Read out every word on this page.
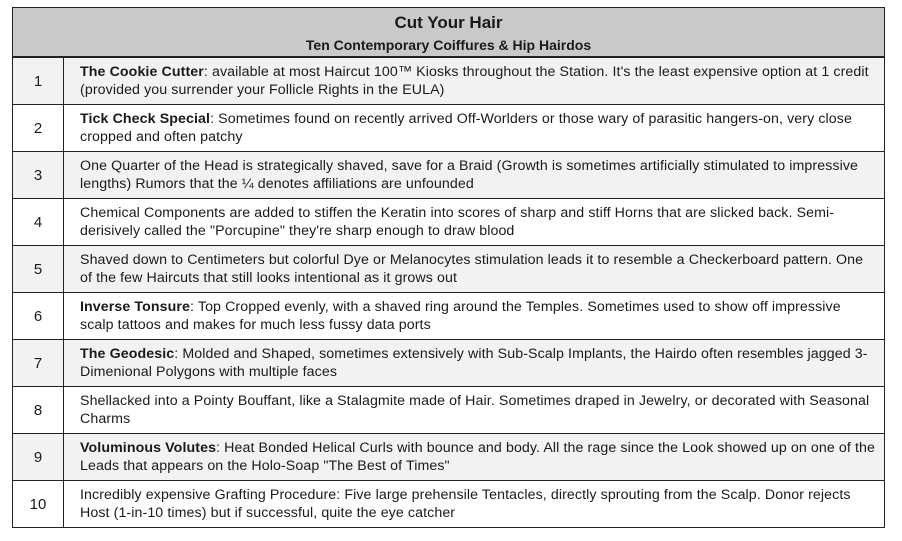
Cut Your Hair
Ten Contemporary Coiffures & Hip Hairdos
1
The Cookie Cutter: available at most Haircut 100™ Kiosks throughout the Station. It's the least expensive option at 1 credit (provided you surrender your Follicle Rights in the EULA)
2
Tick Check Special: Sometimes found on recently arrived Off-Worlders or those wary of parasitic hangers-on, very close cropped and often patchy
3
One Quarter of the Head is strategically shaved, save for a Braid (Growth is sometimes artificially stimulated to impressive lengths) Rumors that the ¼ denotes affiliations are unfounded
4
Chemical Components are added to stiffen the Keratin into scores of sharp and stiff Horns that are slicked back. Semi-derisively called the "Porcupine" they're sharp enough to draw blood
5
Shaved down to Centimeters but colorful Dye or Melanocytes stimulation leads it to resemble a Checkerboard pattern. One of the few Haircuts that still looks intentional as it grows out
6
Inverse Tonsure: Top Cropped evenly, with a shaved ring around the Temples. Sometimes used to show off impressive scalp tattoos and makes for much less fussy data ports
7
The Geodesic: Molded and Shaped, sometimes extensively with Sub-Scalp Implants, the Hairdo often resembles jagged 3-Dimenional Polygons with multiple faces
8
Shellacked into a Pointy Bouffant, like a Stalagmite made of Hair. Sometimes draped in Jewelry, or decorated with Seasonal Charms
9
Voluminous Volutes: Heat Bonded Helical Curls with bounce and body. All the rage since the Look showed up on one of the Leads that appears on the Holo-Soap "The Best of Times"
10
Incredibly expensive Grafting Procedure: Five large prehensile Tentacles, directly sprouting from the Scalp. Donor rejects Host (1-in-10 times) but if successful, quite the eye catcher
